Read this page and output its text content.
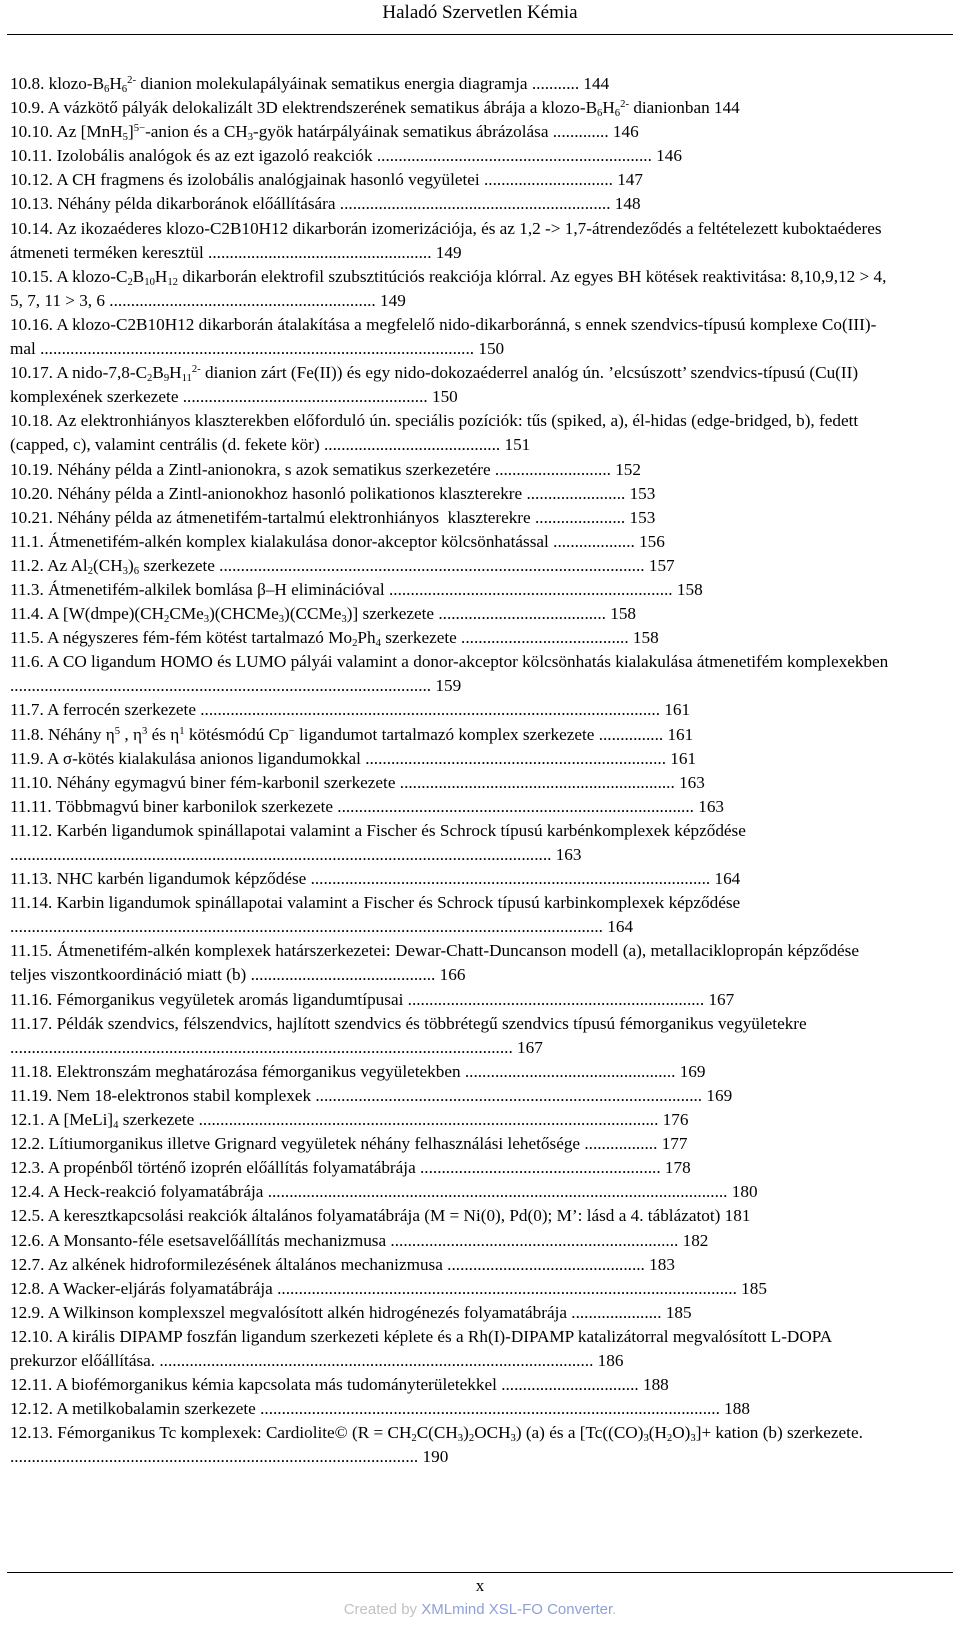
Haladó Szervetlen Kémia

10.8. klozo-$B_6H_6^{2-}$ dianion molekulapályáinak sematikus energia diagramja ........... 144

10.9. A vázkötő pályák delokalizált 3D elektrendszerének sematikus ábrája a klozo-$B_6H_6^{2-}$ dianionban 144

10.10. Az $[MnH_5]^{5-}$-anion és a $CH_3$-gyök határpályáinak sematikus ábrázolása ............. 146

10.11. Izolobális analógok és az ezt igazoló reakciók ................................................................ 146

10.12. A CH fragmens és izolobális analógjainak hasonló vegyületei .............................. 147

10.13. Néhány példa dikarboránok előállítására ............................................................... 148

10.14. Az ikozaéderes klozo-C2B10H12 dikarborán izomerizációja, és az 1,2 -> 1,7-átrendeződés a feltételezett kuboktaéderes átmeneti terméken keresztül .................................................... 149

10.15. A klozo-$C_2B_{10}H_{12}$ dikarborán elektrofil szubsztitúciós reakciója klórral. Az egyes BH kötések reaktivitása: 8,10,9,12 > 4, 5, 7, 11 > 3, 6 .............................................................. 149

10.16. A klozo-C2B10H12 dikarborán átalakítása a megfelelő nido-dikarboránná, s ennek szendvics-típusú komplexe Co(III)-mal ..................................................................................................... 150

10.17. A nido-$7,8-C_2B_9H_{11}^{2-}$ dianion zárt (Fe(II)) és egy nido-dokozaéderrel analóg ún. ’elcsúszott’ szendvics-típusú (Cu(II) komplexének szerkezete ......................................................... 150

10.18. Az elektronhiányos klaszterekben előforduló ún. speciális pozíciók: tűs (spiked, a), él-hidas (edge-bridged, b), fedett (capped, c), valamint centrális (d. fekete kör) ......................................... 151

10.19. Néhány példa a Zintl-anionokra, s azok sematikus szerkezetére ........................... 152

10.20. Néhány példa a Zintl-anionokhoz hasonló polikationos klaszterekre ....................... 153

10.21. Néhány példa az átmenetifém-tartalmú elektronhiányos  klaszterekre ..................... 153

11.1. Átmenetifém-alkén komplex kialakulása donor-akceptor kölcsönhatással ................... 156

11.2. Az $Al_2(CH_3)_6$ szerkezete ................................................................................................... 157

11.3. Átmenetifém-alkilek bomlása β–H eliminációval .................................................................. 158

11.4. A $[W(dmpe)(CH_2CMe_3)(CHCMe_3)(CCMe_3)]$ szerkezete ....................................... 158

11.5. A négyszeres fém-fém kötést tartalmazó $Mo_2Ph_4$ szerkezete ....................................... 158

11.6. A CO ligandum HOMO és LUMO pályái valamint a donor-akceptor kölcsönhatás kialakulása átmenetifém komplexekben .................................................................................................. 159

11.7. A ferrocén szerkezete ........................................................................................................... 161

11.8. Néhány $\eta^5$ , $\eta^3$ és $\eta^1$ kötésmódú Cp− ligandumot tartalmazó komplex szerkezete ............... 161

11.9. A σ-kötés kialakulása anionos ligandumokkal ...................................................................... 161

11.10. Néhány egymagvú biner fém-karbonil szerkezete ................................................................ 163

11.11. Többmagvú biner karbonilok szerkezete ................................................................................... 163

11.12. Karbén ligandumok spinállapotai valamint a Fischer és Schrock típusú karbénkomplexek képződése .............................................................................................................................. 163

11.13. NHC karbén ligandumok képződése ............................................................................................. 164

11.14. Karbin ligandumok spinállapotai valamint a Fischer és Schrock típusú karbinkomplexek képződése .......................................................................................................................................... 164

11.15. Átmenetifém-alkén komplexek határszerkezetei: Dewar-Chatt-Duncanson modell (a), metallaciklopropán képződése teljes viszontkoordináció miatt (b) ........................................... 166

11.16. Fémorganikus vegyületek aromás ligandumtípusai ..................................................................... 167

11.17. Példák szendvics, félszendvics, hajlított szendvics és többrétegű szendvics típusú fémorganikus vegyületekre ..................................................................................................................... 167

11.18. Elektronszám meghatározása fémorganikus vegyületekben ................................................. 169

11.19. Nem 18-elektronos stabil komplexek .......................................................................................... 169

12.1. A $[MeLi]_4$ szerkezete ........................................................................................................... 176

12.2. Lítiumorganikus illetve Grignard vegyületek néhány felhasználási lehetősége ................. 177

12.3. A propénből történő izoprén előállítás folyamatábrája ........................................................ 178

12.4. A Heck-reakció folyamatábrája ........................................................................................................... 180

12.5. A keresztkapcsolási reakciók általános folyamatábrája (M = Ni(0), Pd(0); M’: lásd a 4. táblázatot) 181

12.6. A Monsanto-féle esetsavelőállítás mechanizmusa ................................................................... 182

12.7. Az alkének hidroformilezésének általános mechanizmusa .............................................. 183

12.8. A Wacker-eljárás folyamatábrája ........................................................................................................... 185

12.9. A Wilkinson komplexszel megvalósított alkén hidrogénezés folyamatábrája ..................... 185

12.10. A királis DIPAMP foszfán ligandum szerkezeti képlete és a Rh(I)-DIPAMP katalizátorral megvalósított L-DOPA prekurzor előállítása. ..................................................................................................... 186

12.11. A biofémorganikus kémia kapcsolata más tudományterületekkel ................................ 188

12.12. A metilkobalamin szerkezete ........................................................................................................... 188

12.13. Fémorganikus Tc komplexek: Cardiolite© $(R = CH_2C(CH_3)_2OCH_3)$ (a) és a [$Tc((CO)_3(H_2O)_3]+$ kation (b) szerkezete. ............................................................................................... 190

x
Created by XMLmind XSL-FO Converter.
